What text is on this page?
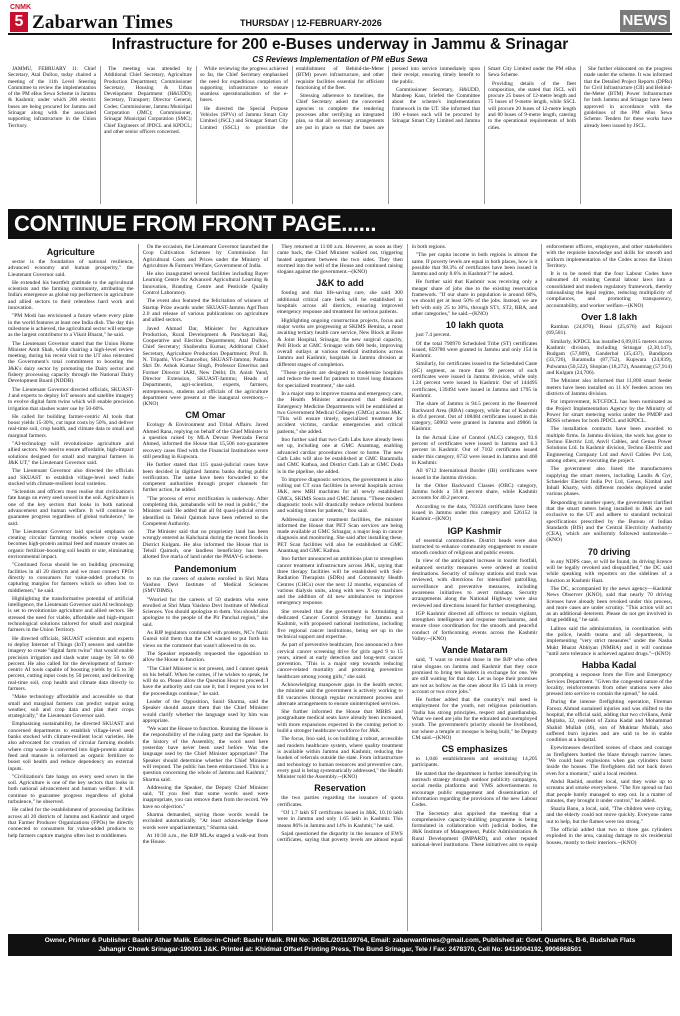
CNMK
5 Zabarwan Times	THURSDAY | 12-FEBRUARY-2026	NEWS
Infrastructure for 200 e-Buses underway in Jammu & Srinagar
CS Reviews Implementation of PM eBus Sewa

JAMMU, FEBRUARY 11: Chief Secretary, Atal Dulloo, today chaired a meeting of the 11th Level Steering Committee to review the implementation of the PM eBus Sewa Scheme in Jammu & Kashmir, under which 200 electric buses are being procured for Jammu and Srinagar along with the associated supporting infrastructure in the Union Territory.

The meeting was attended by Additional Chief Secretary, Agriculture Production Department; Commissioner Secretary, Housing & Urban Development Department (H&UDD); Secretary, Transport; Director General, Codes; Commissioner, Jammu Municipal Corporation (JMC); Commissioner, Srinagar Municipal Corporation (SMC); Chief Engineers of JPDCL and KPDCL; and other senior officers concerned.

While reviewing the progress achieved so far, the Chief Secretary emphasised the need for expeditious completion of supporting infrastructure to ensure seamless operationalisation of the e-buses.

He directed the Special Purpose Vehicles (SPVs) of Jammu Smart City Limited (JSCL) and Srinagar Smart City Limited (SSCL) to prioritize the establishment of Behind-the-Meter (BTM) power infrastructure, and other requisite facilities essential for efficient functioning of the fleet.

Stressing adherence to timelines, the Chief Secretary asked the concerned agencies to complete the tendering processes after certifying an integrated plan, so that all necessary arrangements are put in place so that the buses are pressed into service immediately upon their receipt, ensuring timely benefit to the public.

Commissioner Secretary, H&UDD, Mandeep Kaur, briefed the Committee about the scheme's implementation framework in the UT. She informed that 100 e-buses each will be procured by Srinagar Smart City Limited and Jammu Smart City Limited under the PM eBus Sewa Scheme.

Providing details of the fleet composition, she stated that JSCL will procure 25 buses of 12-metre length and 75 buses of 9-metre length, while SSCL will procure 20 buses of 12-metre length and 80 buses of 9-metre length, catering to the operational requirements of both cities.

She further elaborated on the progress made under the scheme. It was informed that the Detailed Project Reports (DPRs) for Civil Infrastructure (CII) and Behind-the-Meter (BTM) Power Infrastructure for both Jammu and Srinagar have been approved in accordance with the guidelines of the PM eBus Sewa Scheme. Tenders for these works have already been issued by JSCL.

CONTINUE FROM FRONT PAGE......
Agriculture

sector is the foundation of national resilience, advanced economy and human prosperity," the Lieutenant Governor said.

He extended his heartfelt gratitude to the agricultural scientists and the farming community, attributing the India's emergence as global top performers in agriculture and allied sectors to their relentless hard work and innovation.

"PM Modi has envisioned a future where every plate in the world features at least one India dish. The day this milestone is achieved, the agricultural sector will emerge as the largest contributor to a Viksit Bharat," he said.

The Lieutenant Governor stated that the Union Home Minister Amit Shah, while chairing a high-level review meeting, during his recent visit to the UT also reiterated the Government's total commitment to boosting the J&K's dairy sector by promoting the Dairy sector and fishery processing capacity through the National Dairy Development Board (NDDB).

The Lieutenant Governor directed officials, SKUAST-J and experts to deploy IoT sensors and satellite imagery to evolve digital farm twins which will enable precision irrigation that slashes water use by 50-60%.

He called for building farmer-centric AI tools that boost yields 15-30%, cut input costs by 50%, and deliver real-time soil, crop health, and climate data to small and marginal farmers.

"AI-technology will revolutionize agriculture and allied sectors. We need to ensure affordable, high-impact solutions designed for small and marginal farmers in J&K UT," the Lieutenant Governor said.

The Lieutenant Governor also directed the officials and SKUAST to establish village-level seed hubs stocked with climate-resilient local varieties.

"Scientists and officers must realise that civilization's fate hangs on every seed sowed in the soil. Agriculture is one of the key sectors that looks in both national advancement and human welfare. It will continue to guarantee progress regardless of global turbulence," he said.

The Lieutenant Governor laid special emphasis on creating circular farming models where crop waste becomes high-protein animal feed and manure creates an organic fertilizer-boosting soil health or site, eliminating environmental impact.

"Continued focus should be on building processing facilities in all 20 districts and we must connect FPOs directly to consumers for value-added products to capturing margins for farmers which so often lost to middlemen," he said.

Highlighting the transformative potential of artificial intelligence, the Lieutenant Governor said AI technology is set to revolutionize agriculture and allied sectors. He stressed the need for viable, affordable and high-impact technological solutions tailored for small and marginal farmers in the Union Territory.

He directed officials, SKUAST scientists and experts to deploy Internet of Things (IoT) sensors and satellite imagery to create "digital farm twins" that would enable precision irrigation and slash water usage by 50 to 60 percent. He also called for the development of farmer-centric AI tools capable of boosting yields by 15 to 30 percent, cutting input costs by 50 percent, and delivering real-time soil, crop health and climate data directly to farmers.

"Make technology affordable and accessible so that small and marginal farmers can predict output using weather, soil and crop data and plan their crops strategically," the Lieutenant Governor said.

Emphasising sustainability, he directed SKUAST and concerned departments to establish village-level seed banks stocked with climate-resilient local varieties. He also advocated for creation of circular farming models where crop waste is converted into high-protein animal feed and manure is reformed as organic fertilizer to boost soil health and reduce dependency on external inputs.

"Civilization's fate hangs on every seed sown in the soil. Agriculture is one of the key sectors that looks in both national advancement and human welfare. It will continue to guarantee progress regardless of global turbulence," he observed.

He called for the establishment of processing facilities across all 20 districts of Jammu and Kashmir and urged that Farmer Producer Organizations (FPOs) be directly connected to consumers for value-added products to help farmers capture margins often lost to middlemen.

On the occasion, the Lieutenant Governor launched the Crop Cultivation Schemes by Commission for Agricultural Costs and Prices under the Ministry of Agriculture & Farmers Welfare, Government of India.

He also inaugurated several facilities including Bayer Learning Centre for Advanced Agricultural Learning & Innovation, Branding Centre and Pesticide Quality Control Laboratory.

The event also featured the felicitation of winners of Startup Prize awards under SKUAST-Jammu AgriThon 2.0 and release of various publications on agriculture and allied sectors.

Javed Ahmad Dar, Minister for Agriculture Production, Rural Development & Panchayati Raj, Cooperative and Election Departments; Atal Dulloo, Chief Secretary; Shailendra Kumar, Additional Chief Secretary, Agriculture Production Department; Prof. B. N. Tripathi, Vice-Chancellor, SKUAST-Jammu; Padma Shri Dr. Ashok Kumar Singh, Professor Emeritus and Former Director IARI, New Delhi; Dr. Anish Yand, Director Extension, SKUAST-Jammu; Heads of Departments, agri-scientists, experts, farmers, entrepreneurs, students and officials of the agriculture department were present at the inaugural ceremony.--(KNO)

CM Omar

Ecology & Environment and Tribal Affairs. Javed Ahmed Rana, replying on behalf of the Chief Minister to a question raised by MLA Devsar Peerzada Feroz Ahmed, informed the House that 15,506 non-guarantee recovery cases filed with the Financial Institutions were still pending in Kupwara.

He further stated that 115 quasi-judicial cases have been decided in digitized Jammu banks during public verification. The same have been forwarded to the competent authorities through proper channels for further action, he added.

"The process of error rectification is underway. After completing this, jamabandis will be read in public," the Minister said. He added that all 84 quasi-judicial errors identified in Tehsil Qaimoh have been referred to the Competent Authority.

The Minister said that no proprietary land has been wrongly entered as Kahcharai during the recent floods in District Kulgam. He also informed the House that in Tehsil Qaimoh, one landless beneficiary has been allotted five marla of land under the PMAY-G scheme.

Pandemonium

to run the careers of students enrolled in Shri Mata Vaishno Devi Institute of Medical Sciences (SMVDIMS).

"Worried for the careers of 50 students who were enrolled at Shri Mata Vaishno Devi Institute of Medical Sciences. You should apologize to them. You should also apologize to the people of the Pir Panchal region," she said.

As BJP legislators continued with protests, NC's Nazir Gurezi told them that the CM wanted to put forth his views on the comment that wasn't allowed to do so.

The Speaker repeatedly requested the opposition to allow the House to function.

"The Chief Minister is not present, and I cannot speak on his behalf. When he comes, if he wishes to speak, he will do so. Please allow the Question Hour to proceed. I have the authority and can use it, but I request you to let the proceedings continue," he said.

Leader of the Opposition, Sunil Sharma, said the Speaker should assure them that the Chief Minister would clarify whether the language used by him was appropriate.

"We want the House to function. Running the House is the responsibility of the ruling party and the Speaker. In the history of the Assembly, the word used here yesterday have never been used before. Was the language used by the Chief Minister appropriate? The Speaker should determine whether the Chief Minister will respond. The public has been embarrassed. This is a question concerning the whole of Jammu and Kashmir," Sharma said.

Addressing the Speaker, the Deputy Chief Minister said, "If you feel that some words used were inappropriate, you can remove them from the record. We have no objection."

Sharma demanded, saying those words would be excluded automatically. "At least acknowledge those words were unparliamentary," Sharma said.

At 10:30 a.m., the BJP MLAs staged a walk-out from the House.

They returned at 11:00 a.m. However, as soon as they came back, the Chief Minister walked out, triggering heated argument between the two sides. They then stormed into the well of the House and continued raising slogans against the government.--(KNO)

J&K to add

footing and that life-saving care, she said 300 additional critical care beds will be established in hospitals across all districts, ensuring improved emergency response and treatment for serious patients.

Highlighting ongoing construction projects, focus and major works are progressing at SKIMS Bemina, a most awaiting tertiary health care service, New Block at Bone & Joint Hospital, Srinagar, the new surgical capacity, Pell Block at GMC Srinagar with 600 beds, improving overall outlays at various medical institutions across Jammu and Kashmir, hospitals in Jammu division at different stages of completion.

"These projects are designed to modernize hospitals and reduce the need for patients to travel long distances for specialized treatment," she said.

In a major step to improve trauma and emergency care, the Health Minister announced that dedicated Emergency Medicine Departments will be established at two Government Medical Colleges (GMCs) across J&K. "This will ensure timely, specialized treatment for accident victims, cardiac emergencies and critical patients," she added.

Itoo further said that two Cath Labs have already been set up, including one at GMC Anantnag, enabling advanced cardiac procedures closer to home. The new Cath Labs will also be established at GMC Baramulla and GMC Kathua, and District Cath Lab at GMC Doda is in the pipeline, she added.

To improve diagnostic services, the government is also rolling out CT scan facilities in several hospitals across J&K, new MRI machines for all newly established GMCs, SKIMS Soura and GMC Jammu. "These modern diagnostic tools will drastically reduce referral burdens and waiting times for patients," Itoo said.

Addressing cancer treatment facilities, the minister informed the House that PET Scan services are being made available at GMC Srinagar, a major leap in cancer diagnosis and monitoring. She said after installing these, PET Scan facilities will also be established at GMC Anantnag and GMC Kathua.

Itoo further announced an ambitious plan to strengthen cancer treatment infrastructure across J&K, saying that three therapy facilities will be established with Sub-Radiation Therapists (SDRs) and Community Health Centres (CHCs) over the next 12 months, expansion of various dialysis units, along with new X-ray machines and the addition of 44 new ambulances to improve emergency response.

She revealed that the government is formulating a dedicated Cancer Control Strategy for Jammu and Kashmir, with proposed national institutions, including five regional cancer institutions, being set up in the technical support and expertise.

As part of preventive healthcare, Itoo announced a free cervical cancer screening drive for girls aged 9 to 15 years, aimed at early detection and long-term cancer prevention. "This is a major step towards reducing cancer-related mortality and promoting preventive healthcare among young girls," she said.

Acknowledging manpower gaps in the health sector, the minister said the government is actively working to fill vacancies through regular recruitment process and alternate arrangements to ensure uninterrupted services.

She further informed the House that MBBS and postgraduate medical seats have already been increased, with more expansions expected in the coming period to build a stronger healthcare workforce for J&K.

The focus, Itoo said, is on building a robust, accessible and modern healthcare system, where quality treatment is available within Jammu and Kashmir, reducing the burden of referrals outside the state. From infrastructure and technology to human resources and preventive care, every goal is being systematically addressed," the Health Minister told the Assembly.--(KNO)

Reservation

the two parties regarding the issuance of quota certificates.

"Of 1.7 lakh ST certificates issued in J&K, 10.16 lakh were in Jammu and only 1.65 lakh in Kashmir. This means 86% in Jammu and 14% in Kashmir," he said.

Sajad questioned the disparity in the issuance of EWS certificates, saying that poverty levels are almost equal in both regions.

"The per capita income in both regions is almost the same. If poverty levels are equal in both places, how is it possible that 98.3% of certificates have been issued in Jammu and only 8.6% in Kashmir?" he asked.

He further said that Kashmir was receiving only a meager share of jobs due to the existing reservation framework. "If our share in population is around 60%, we should get at least 50% of the jobs. Instead, we are left with only 25 to 30%, through ST1, ST2, RBA, and other categories," he said.--(KNO)

10 lakh quota

just 7.4 percent.

Of the total 790970 Scheduled Tribe (ST) certificates issued, 659780 were granted in Jammu and only 154 in Kashmir.

Similarly, for certificates issued to the Scheduled Caste (SC) segment, as more than 98 percent of such certificates were issued in Jammu division, while only 1.24 percent were issued in Kashmir. Out of 144495 certificates, 139494 were issued in Jammu and 1795 in Kashmir.

The share of Jammu is 94.5 percent in the Reserved Backward Area (RBA) category, while that of Kashmir is 49.4 percent. Out of 108484 certificates issued in this category, 50902 were granted in Jammu and 49866 in Kashmir.

In the Actual Line of Control (ALC) category, 93.6 percent of certificates were issued in Jammu and 6.3 percent in Kashmir. Out of 7102 certificates issued under this category, 6732 were issued in Jammu and 460 in Kashmir.

All 6712 International Border (IB) certificates were issued in the Jammu division.

In the Other Backward Classes (OBC) category, Jammu holds a 59.8 percent share, while Kashmir accounts for 40.2 percent.

According to the data, 783324 certificates have been issued in Jammu under this category and 526152 in Kashmir.--(KNO)

IGP Kashmir

of essential commodities. District heads were also instructed to enhance community engagement to ensure smooth conduct of religious and public events.

In view of the anticipated increase in tourist footfall, enhanced security measures were ordered at tourist destinations. Security of railway stations and track was reviewed, with directions for intensified patrolling, surveillance and preventive measures, including awareness initiatives to avert mishaps. Security arrangements along the National Highway were also reviewed and directions issued for further strengthening.

IGP Kashmir directed all officers to remain vigilant, strengthen intelligence and response mechanisms, and ensure close coordination for the smooth and peaceful conduct of forthcoming events across the Kashmir Valley.--(KNO)

Vande Mataram

said, "I want to remind those in the BJP who often raise slogans on Jammu and Kashmir that they once promised to bring ten leaders in exchange for one. We are still waiting for that day. Let us hope their promises are not as hollow as the ones about Rs 15 lakh in every account or two crore jobs."

He further added that the country's real need is employment for the youth, not religious polarisation. "India has strong principles, respect and guardianship. What we need are jobs for the educated and unemployed youth. The government's priority should be livelihood, not where a temple or mosque is being built," he Deputy CM said.--(KNO)

CS emphasizes

to 1,046 establishments and sensitizing 14,205 participants.

He stated that the department is further intensifying its outreach strategy through outdoor publicity campaigns, social media platforms and VMS advertisements to encourage public engagement and dissemination of information regarding the provisions of the new Labour Codes.

The Secretary also apprised the meeting that a comprehensive capacity-building programme is being formulated in collaboration with judicial bodies, the J&K Institute of Management, Public Administration & Rural Development (IMPARD), and other reputed national-level institutions. These initiatives aim to equip enforcement officers, employers, and other stakeholders with the requisite knowledge and skills for smooth and uniform implementation of the Codes across the Union Territory.

It is to be noted that the four Labour Codes have subsumed 44 existing Central labour laws into a consolidated and modern regulatory framework, thereby rationalising the legal regime, reducing multiplicity of compliances, and promoting transparency, accountability, and worker welfare.--(KNO)

Over 1.8 lakh

Ramban (24,870), Reasi (25,676) and Rajouri (69,581).

Similarly, KPDCL has installed 6,09,015 meters across Kashmir division, including Srinagar (2,30,147), Budgam (57,809), Ganderbal (35,437), Bandipora (33,726), Baramulla (87,752), Kupwara (24,839), Pulwama (50,522), Shopian (18,272), Anantnag (57,914) and Kulgam (24,706).

The Minister also informed that 11,800 smart feeder meters have been installed on 11 kV feeders across ten districts of Jammu division.

For improvement, KTCFDCL has been nominated as the Project Implementation Agency by the Ministry of Power for smart metering works under the PMDP and RDSS schemes for both JPDCL and KPDCL.

The installation contracts have been awarded to multiple firms. In Jammu division, the work has gone to Techno Electric Ltd, Anvil Cables, and Genus Power Solutions Ltd. In Kashmir division, Techno Electric and Engineering Company Ltd and Anvil Cables Pvt Ltd, among others, are executing the project.

The government also listed the manufacturers supplying the smart meters, including Landis & Gyr, Schneider Electric India Pvt Ltd, Genus, Kimbal and Inhall Kharty, with different models deployed under various phases.

Responding to another query, the government clarified that the smart meters being installed in J&K are not exclusive to the UT and adhere to standard technical specifications prescribed by the Bureau of Indian Standards (BIS) and the Central Electricity Authority (CEA), which are uniformly followed nationwide.--(KNO)

70 driving

in any NDPS case, or will be found, its driving licence will be legally revoked and disqualified," the DC said while speaking with reporters on the sidelines of a function at Kashmir Haat.

The DC, accompanied by the news agency—Kashmir News Observer (KNO), said that nearly 70 driving licenses have already been revoked under this process, and more cases are under scrutiny. "This action will act as an additional deterrent. Please do not get involved in drug peddling," he said.

Lalitoo said the administration, in coordination with the police, health teams and all departments, is implementing "very strict measures" under the Nasha Mukt Bharat Abhiyan (NMBA) and it will continue "until zero tolerance is achieved against drugs."--(KNO)

Habba Kadal

prompting a response from the Fire and Emergency Services Department. "Given the congested nature of the locality, reinforcements from other stations were also pressed into service to contain the spread," he said.

During the intense firefighting operation, Fireman Farooz Ahmad sustained injuries and was shifted to the hospital, the official said, adding that two civilians, Amir Mujtaba, 32, resident of Zaina Kadal and Mohammad Shahid Mullah (46), son of Mukhtar Mullah, also suffered burn injuries and are said to be in stable condition at a hospital.

Eyewitnesses described scenes of chaos and courage as firefighters battled the blaze through narrow lanes. "We could hear explosions when gas cylinders burst inside the houses. The firefighters did not back down even for a moment," said a local resident.

Abdul Rashid, another local, said they woke up to screams and smoke everywhere. "The fire spread so fast that people barely managed to step out. In a matter of minutes, they brought it under control," he added.

Shazia Banu, a local, said, "The children were crying, and the elderly could not move quickly. Everyone came out to help, but the flames were too strong."

The official added that two to three gas cylinders exploded in the area, causing damage to six residential houses, mostly to their interiors.--(KNO)

Owner, Printer & Publisher: Bashir Athar Malik. Editor-in-Chief: Bashir Malik. RNI No: JKBIL/2011/39764, Email: zabarwantimes@gmail.com, Published at: Govt. Quarters, B-6, Budshah Flats
Jahangir Chowk Srinagar-190001 J&K. Printed at: Khidmat Offset Printing Press, The Bund Srinagar, Tele / Fax: 2478370, Cell No: 9419004192, 9906868501
